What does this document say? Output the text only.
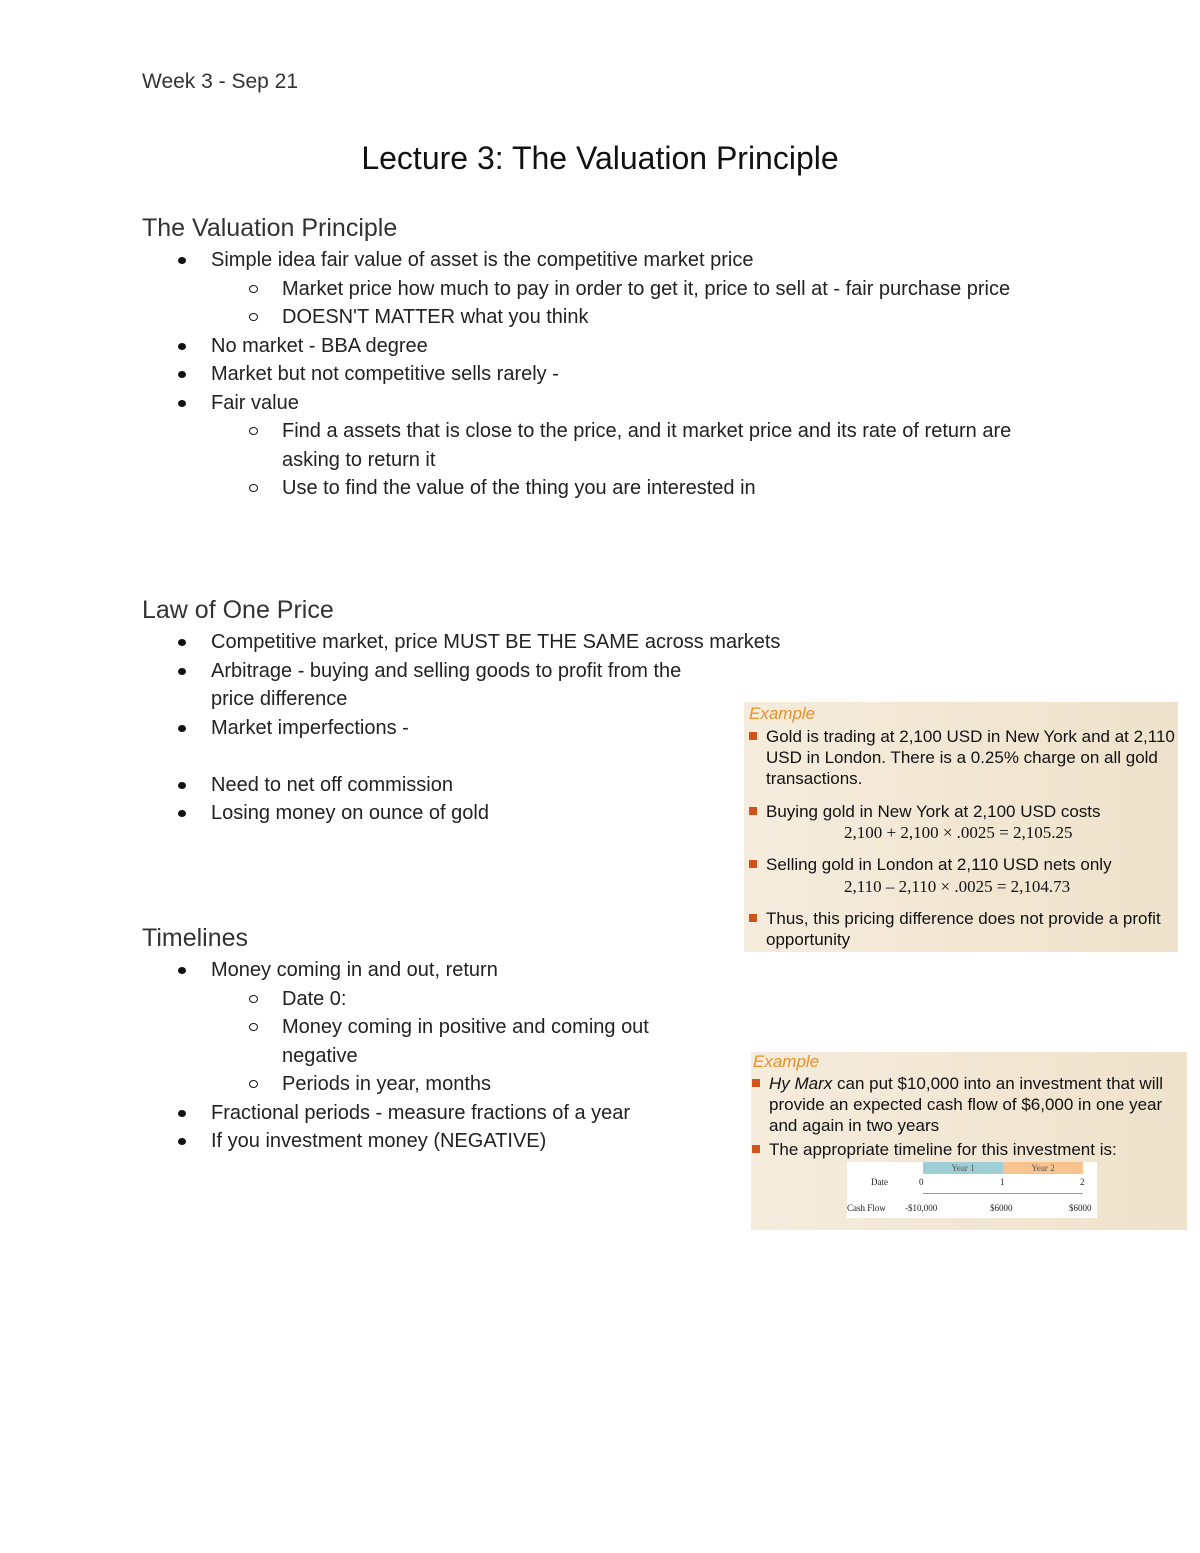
Week 3 - Sep 21
Lecture 3: The Valuation Principle
The Valuation Principle
Simple idea fair value of asset is the competitive market price
Market price how much to pay in order to get it, price to sell at - fair purchase price
DOESN'T MATTER what you think
No market - BBA degree
Market but not competitive sells rarely -
Fair value
Find a assets that is close to the price, and it market price and its rate of return are asking to return it
Use to find the value of the thing you are interested in
Law of One Price
Competitive market, price MUST BE THE SAME across markets
Arbitrage - buying and selling goods to profit from the price difference
Market imperfections -
Need to net off commission
Losing money on ounce of gold
Timelines
Money coming in and out, return
Date 0:
Money coming in positive and coming out negative
Periods in year, months
Fractional periods - measure fractions of a year
If you investment money (NEGATIVE)
Example
Gold is trading at 2,100 USD in New York and at 2,110 USD in London. There is a 0.25% charge on all gold transactions.
Buying gold in New York at 2,100 USD costs
2,100 + 2,100 × .0025 = 2,105.25
Selling gold in London at 2,110 USD nets only
2,110 – 2,110 × .0025 = 2,104.73
Thus, this pricing difference does not provide a profit opportunity
Example
Hy Marx can put $10,000 into an investment that will provide an expected cash flow of $6,000 in one year and again in two years
The appropriate timeline for this investment is:
Year 1	Year 2
Date	0	1	2
Cash Flow -$10,000	$6000	$6000
